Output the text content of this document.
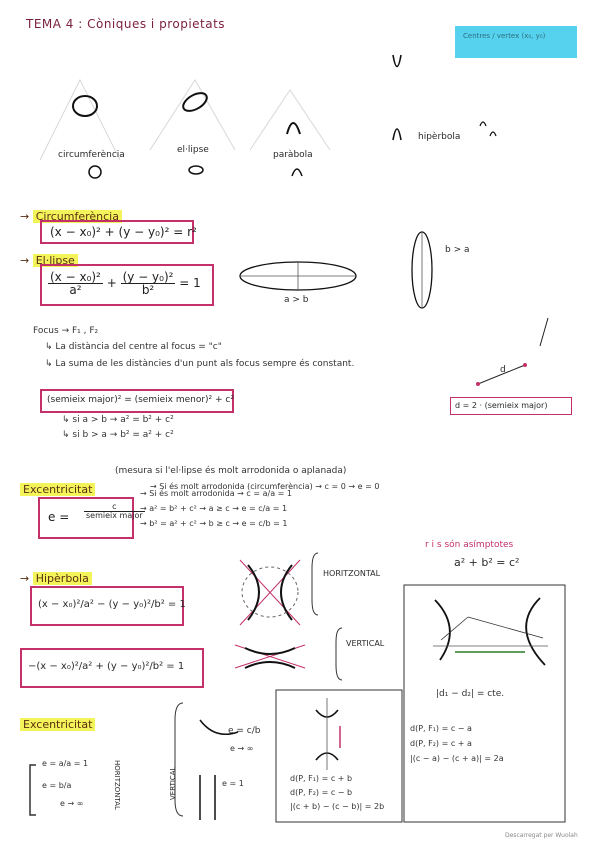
TEMA 4 : Còniques i propietats
Centres / vertex (x₀, y₀)
circumferència	el·lipse	paràbola
hipèrbola
→ Circumferència
(x − x₀)² + (y − y₀)² = r²
→ El·lipse
$\frac{\text{(x − x₀)²}}{\text{a²}} + \frac{\text{(y − y₀)²}}{\text{b²}} = 1$
a > b
b > a
Focus → F₁ , F₂
↳ La distància del centre al focus = "c"
↳ La suma de les distàncies d'un punt als focus sempre és constant.
(semieix major)² = (semieix menor)² + c²
↳ si a > b → a² = b² + c²
↳ si b > a → b² = a² + c²
d
d = 2 · (semieix major)
Excentricitat
(mesura si l'el·lipse és molt arrodonida o aplanada)
→ Si és molt arrodonida (circumferència) → c = 0 → e = 0
$e = \frac{c}{\text{semieix major}}$
→ Si és molt arrodonida → c = a/a = 1
→ a² = b² + c² → a ≥ c → e = c/a = 1
→ b² = a² + c² → b ≥ c → e = c/b = 1
→ Hipèrbola
(x − x₀)²/a² − (y − y₀)²/b² = 1
−(x − x₀)²/a² + (y − y₀)²/b² = 1
HORITZONTAL
VERTICAL
r i s són asímptotes
a² + b² = c²
|d₁ − d₂| = cte.
d(P, F₁) = c − a
d(P, F₂) = c + a
|(c − a) − (c + a)| = 2a
d(P, F₁) = c + b
d(P, F₂) = c − b
|(c + b) − (c − b)| = 2b
Excentricitat
e = a/a = 1
e = b/a
e → ∞	HORITZONTAL	VERTICAL
e = c/b
e → ∞
e = 1
Descarregat per Wuolah
